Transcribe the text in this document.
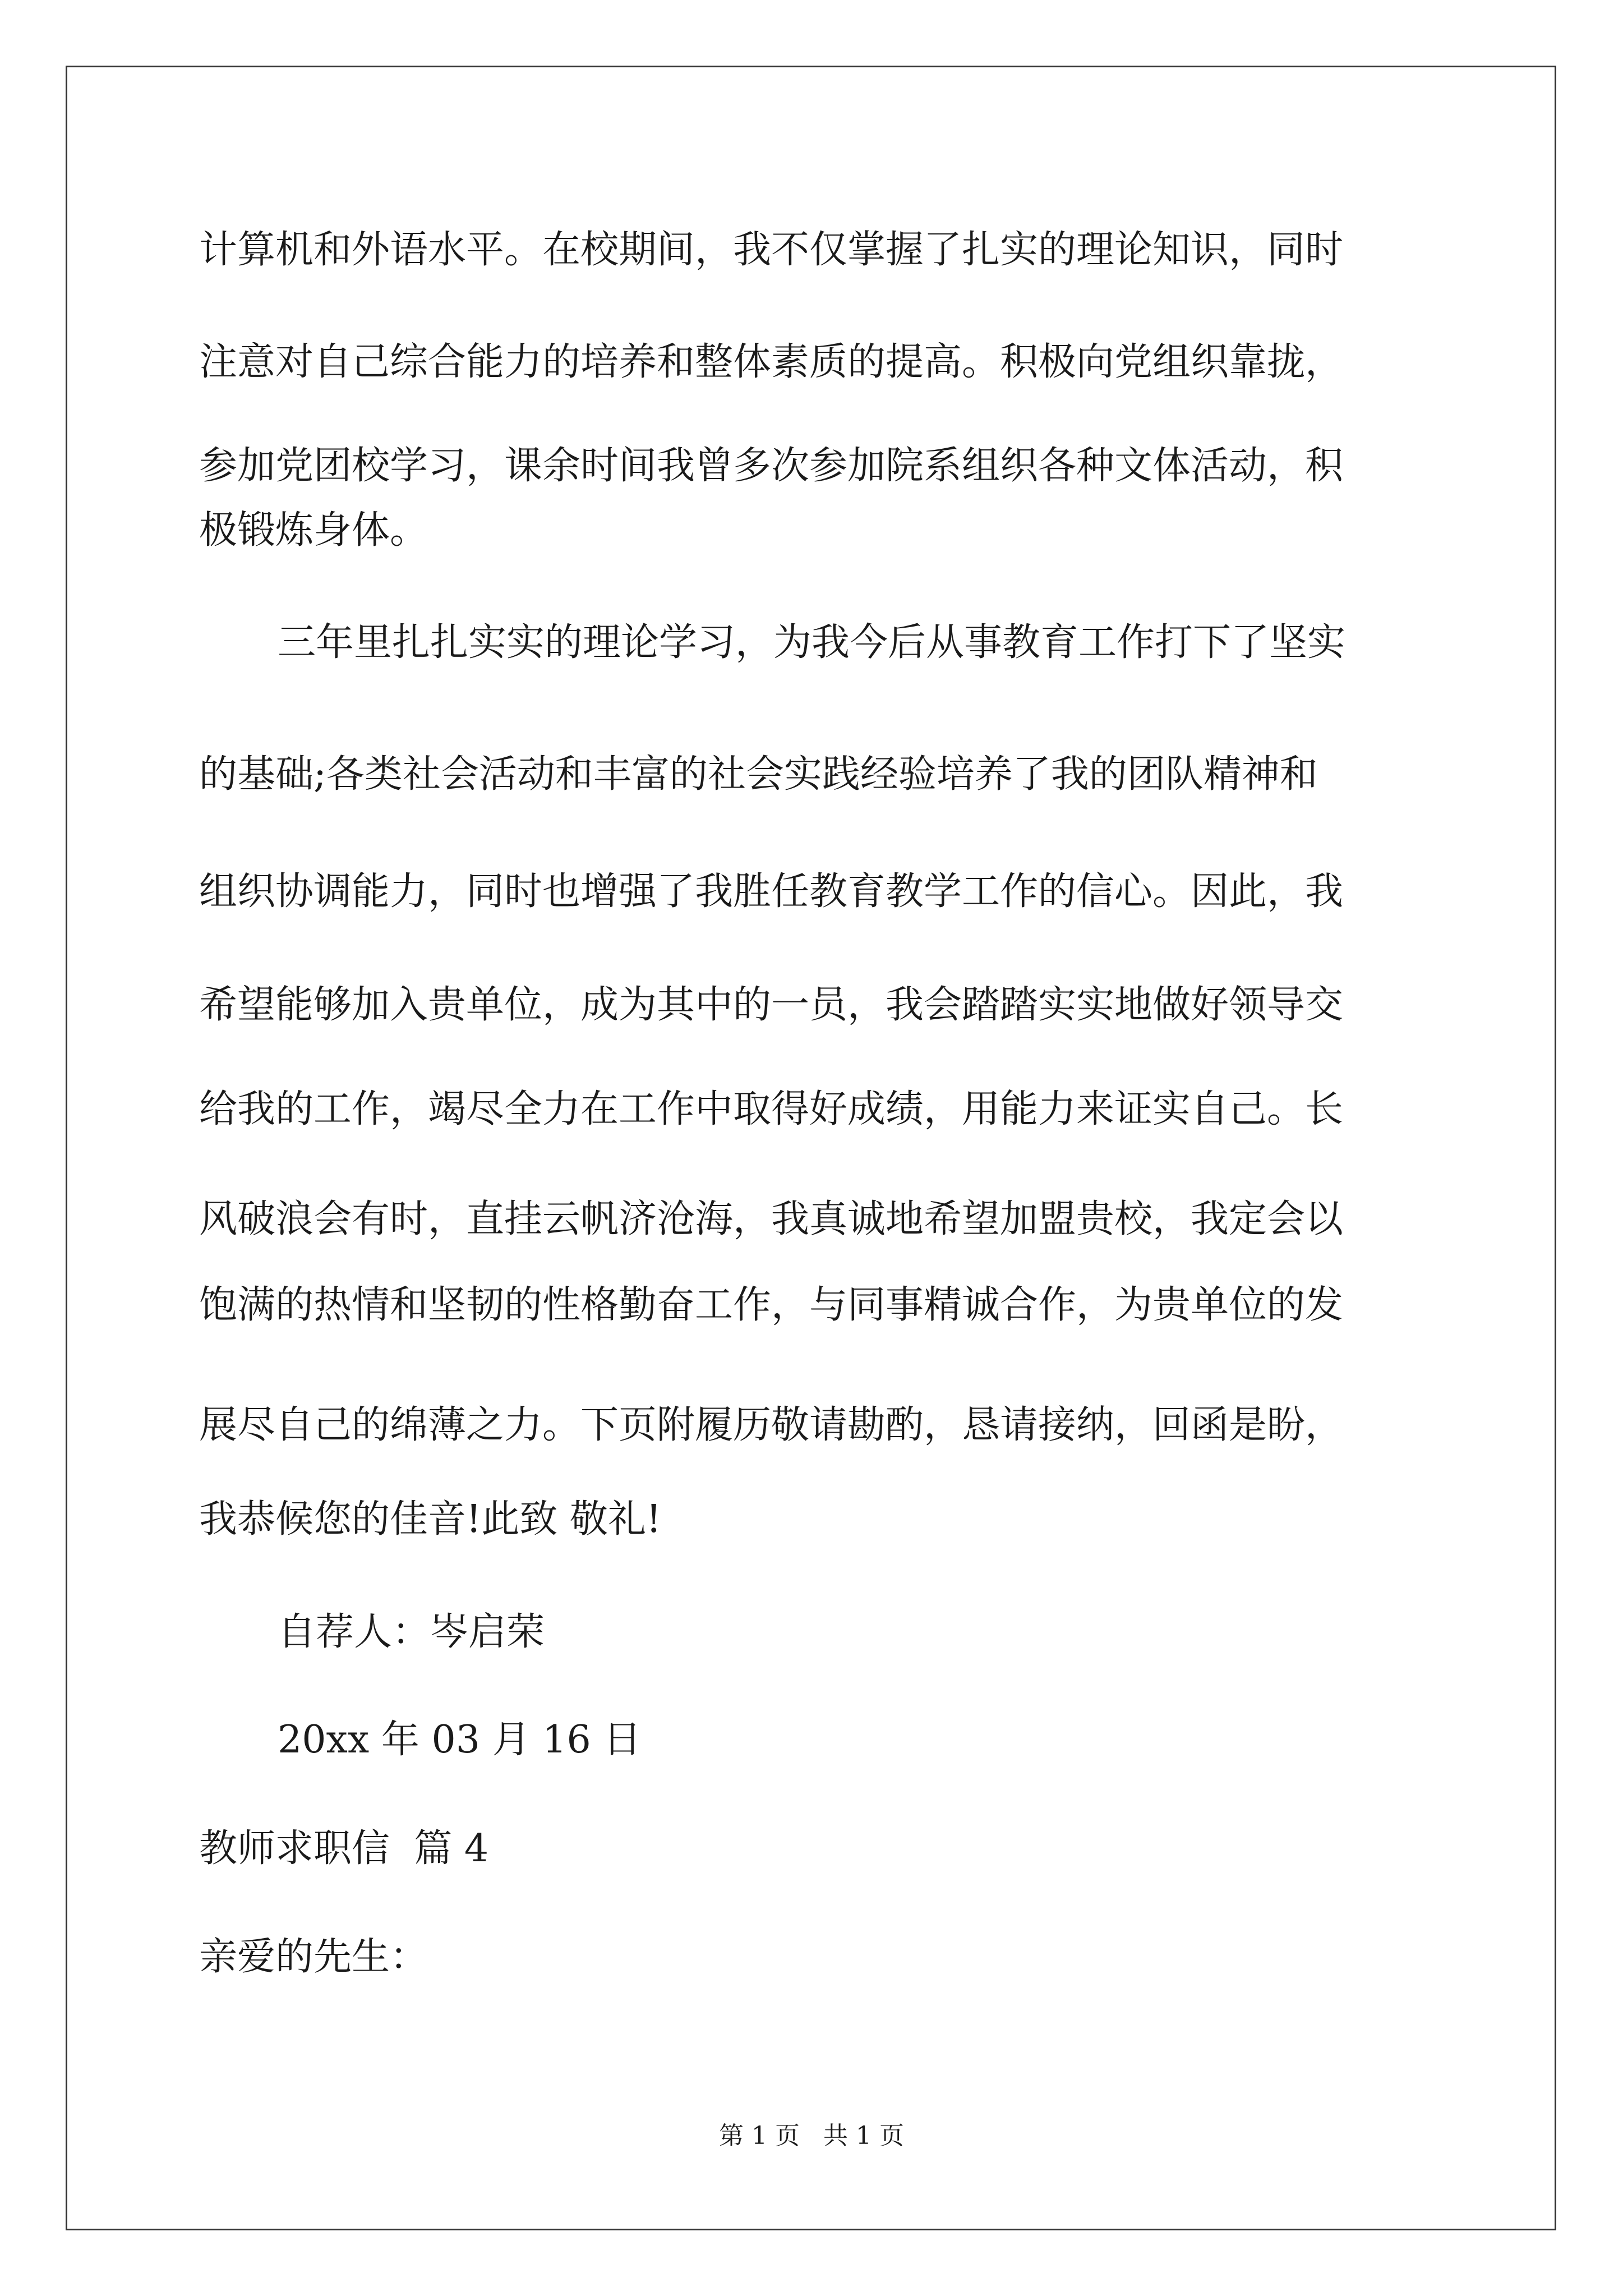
计算机和外语水平。在校期间，我不仅掌握了扎实的理论知识，同时
注意对自己综合能力的培养和整体素质的提高。积极向党组织靠拢，
参加党团校学习，课余时间我曾多次参加院系组织各种文体活动，积
极锻炼身体。
三年里扎扎实实的理论学习，为我今后从事教育工作打下了坚实
的基础;各类社会活动和丰富的社会实践经验培养了我的团队精神和
组织协调能力，同时也增强了我胜任教育教学工作的信心。因此，我
希望能够加入贵单位，成为其中的一员，我会踏踏实实地做好领导交
给我的工作，竭尽全力在工作中取得好成绩，用能力来证实自己。长
风破浪会有时，直挂云帆济沧海，我真诚地希望加盟贵校，我定会以
饱满的热情和坚韧的性格勤奋工作，与同事精诚合作，为贵单位的发
展尽自己的绵薄之力。下页附履历敬请勘酌，恳请接纳，回函是盼，
我恭候您的佳音!此致 敬礼!
自荐人：岑启荣
20xx 年 03 月 16 日
教师求职信  篇 4
亲爱的先生：
第 1 页   共 1 页
